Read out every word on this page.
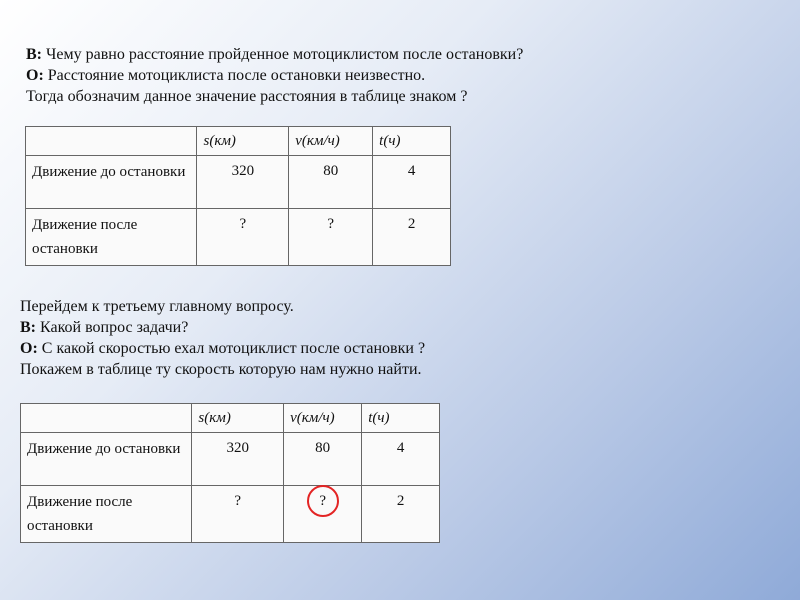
В: Чему равно расстояние пройденное мотоциклистом после остановки?

О: Расстояние мотоциклиста после остановки неизвестно.

Тогда обозначим данное значение расстояния в таблице знаком ?

	s(км)	v(км/ч)	t(ч)
Движение до остановки	320	80	4
Движение после остановки	?	?	2

Перейдем к третьему главному вопросу.

В: Какой вопрос задачи?

О: С какой скоростью ехал мотоциклист после остановки ?

Покажем в таблице ту скорость которую нам нужно найти.

	s(км)	v(км/ч)	t(ч)
Движение до остановки	320	80	4
Движение после остановки	?	?	2
